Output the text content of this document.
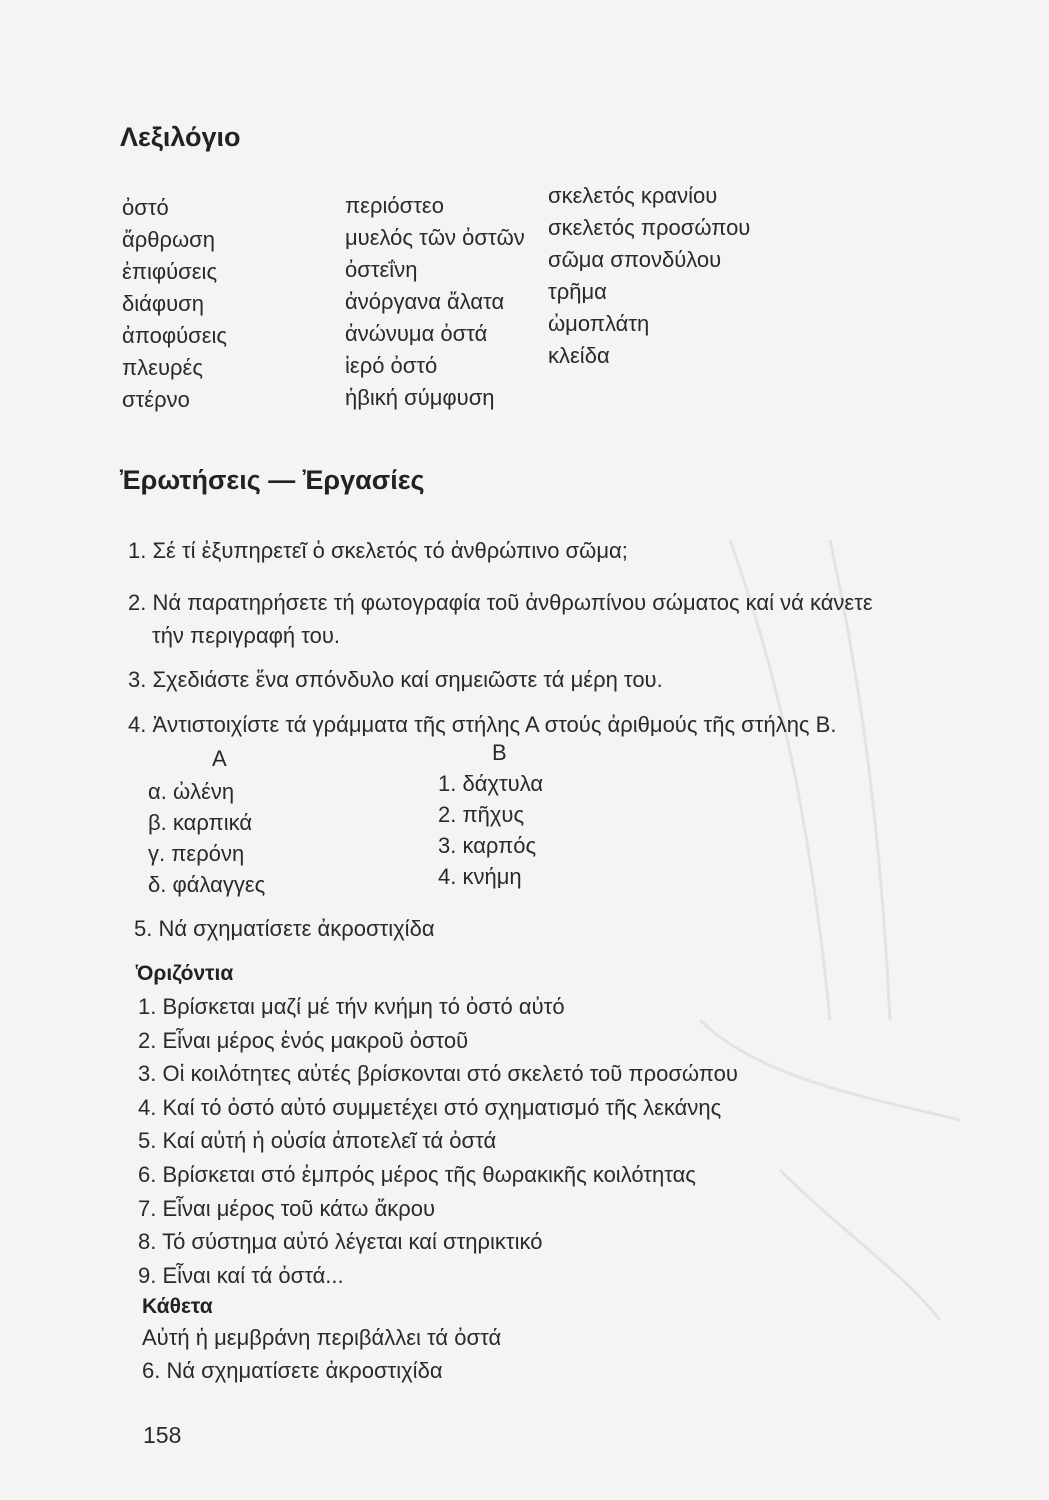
Λεξιλόγιο
ὀστό
ἄρθρωση
ἐπιφύσεις
διάφυση
ἀποφύσεις
πλευρές
στέρνο
περιόστεο
μυελός τῶν ὀστῶν
ὀστεΐνη
ἀνόργανα ἄλατα
ἀνώνυμα ὀστά
ἱερό ὀστό
ἡβική σύμφυση
σκελετός κρανίου
σκελετός προσώπου
σῶμα σπονδύλου
τρῆμα
ὠμοπλάτη
κλείδα
Ἐρωτήσεις — Ἐργασίες
1. Σέ τί ἐξυπηρετεῖ ὁ σκελετός τό ἀνθρώπινο σῶμα;
2. Νά παρατηρήσετε τή φωτογραφία τοῦ ἀνθρωπίνου σώματος καί νά κάνετε
τήν περιγραφή του.
3. Σχεδιάστε ἕνα σπόνδυλο καί σημειῶστε τά μέρη του.
4. Ἀντιστοιχίστε τά γράμματα τῆς στήλης Α στούς ἀριθμούς τῆς στήλης Β.
Α	Β
α. ὠλένη
β. καρπικά
γ. περόνη
δ. φάλαγγες
1. δάχτυλα
2. πῆχυς
3. καρπός
4. κνήμη
5. Νά σχηματίσετε ἀκροστιχίδα
Ὁριζόντια
1. Βρίσκεται μαζί μέ τήν κνήμη τό ὀστό αὐτό
2. Εἶναι μέρος ἑνός μακροῦ ὀστοῦ
3. Οἱ κοιλότητες αὐτές βρίσκονται στό σκελετό τοῦ προσώπου
4. Καί τό ὀστό αὐτό συμμετέχει στό σχηματισμό τῆς λεκάνης
5. Καί αὐτή ἡ οὐσία ἀποτελεῖ τά ὀστά
6. Βρίσκεται στό ἐμπρός μέρος τῆς θωρακικῆς κοιλότητας
7. Εἶναι μέρος τοῦ κάτω ἄκρου
8. Τό σύστημα αὐτό λέγεται καί στηρικτικό
9. Εἶναι καί τά ὀστά...
Κάθετα
Αὐτή ἡ μεμβράνη περιβάλλει τά ὀστά
6. Νά σχηματίσετε ἀκροστιχίδα
158
